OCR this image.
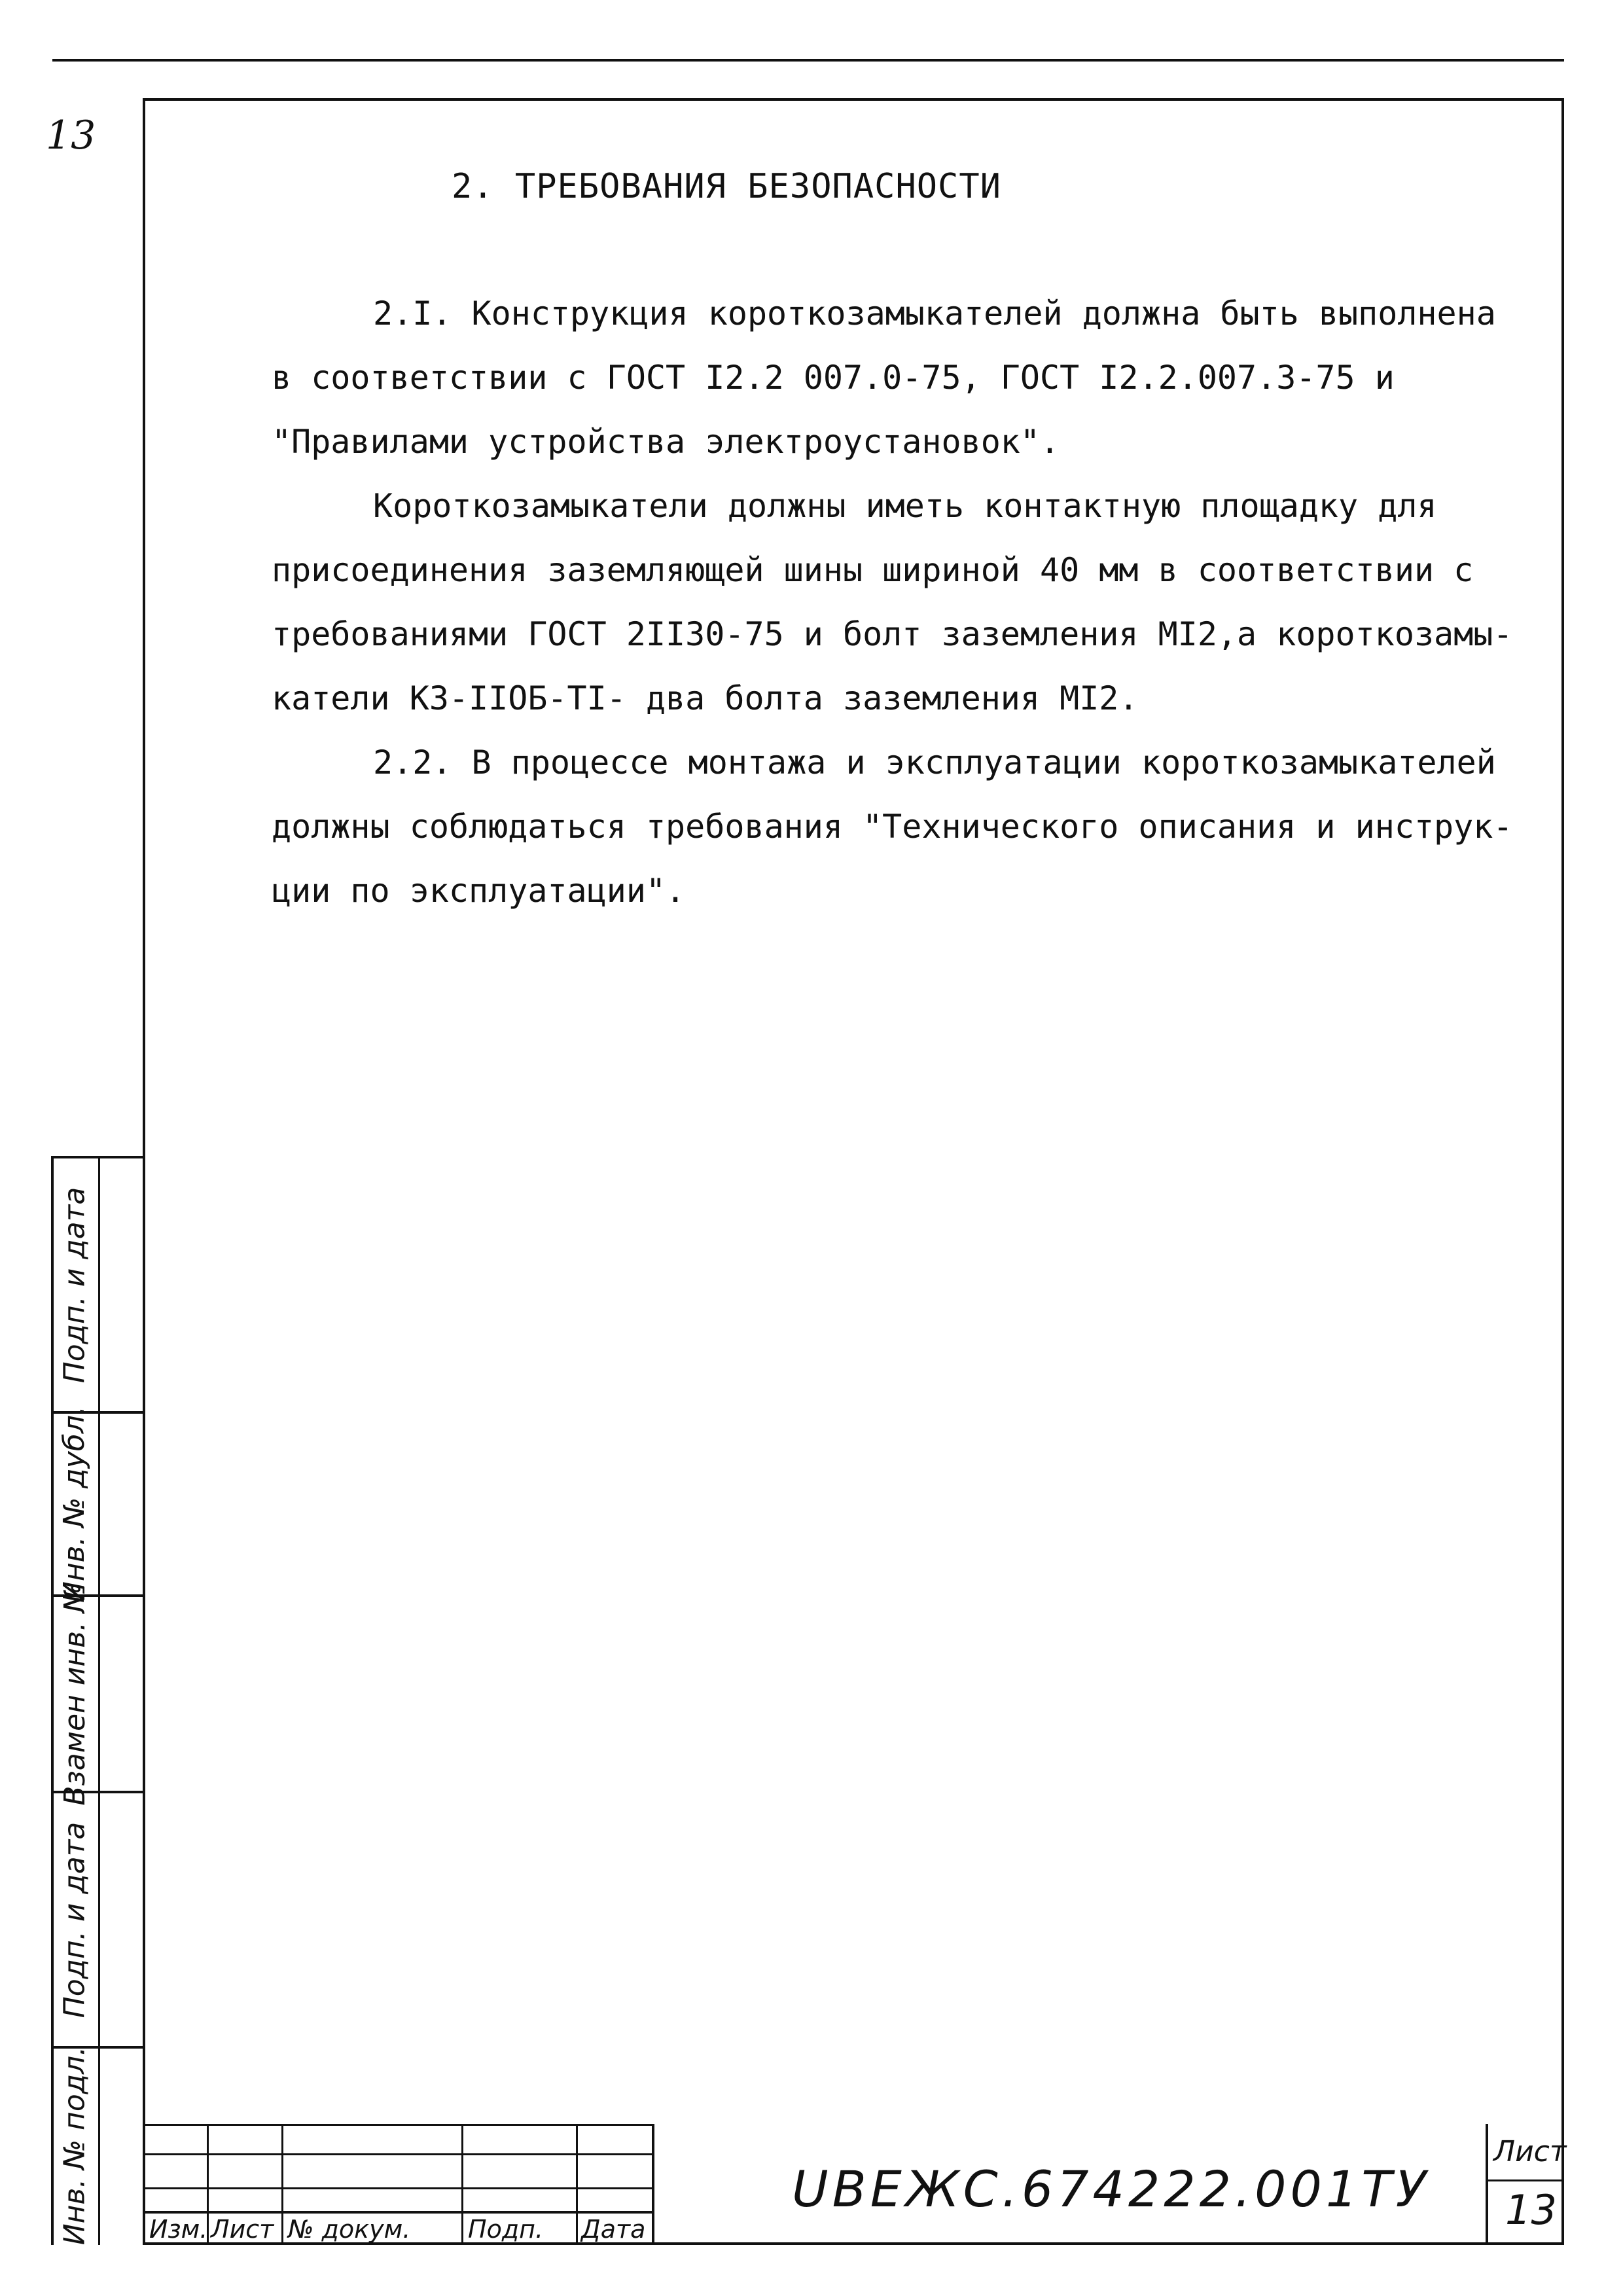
13
2. ТРЕБОВАНИЯ БЕЗОПАСНОСТИ
2.I. Конструкция короткозамыкателей должна быть выполнена
в соответствии с ГОСТ I2.2 007.0-75, ГОСТ I2.2.007.3-75 и
"Правилами устройства электроустановок".
Короткозамыкатели должны иметь контактную площадку для
присоединения заземляющей шины шириной 40 мм в соответствии с
требованиями ГОСТ 2II30-75 и болт заземления МI2,а короткозамы-
катели КЗ-IIОБ-ТI- два болта заземления МI2.
2.2. В процессе монтажа и эксплуатации короткозамыкателей
должны соблюдаться требования "Технического описания и инструк-
ции по эксплуатации".
Подп. и дата
Инв. № дубл.
Взамен инв. №
Подп. и дата
Инв. № подл. Изм. Лист № докум. Подп. Дата
UBEЖC.674222.001ТУ
Лист
13
